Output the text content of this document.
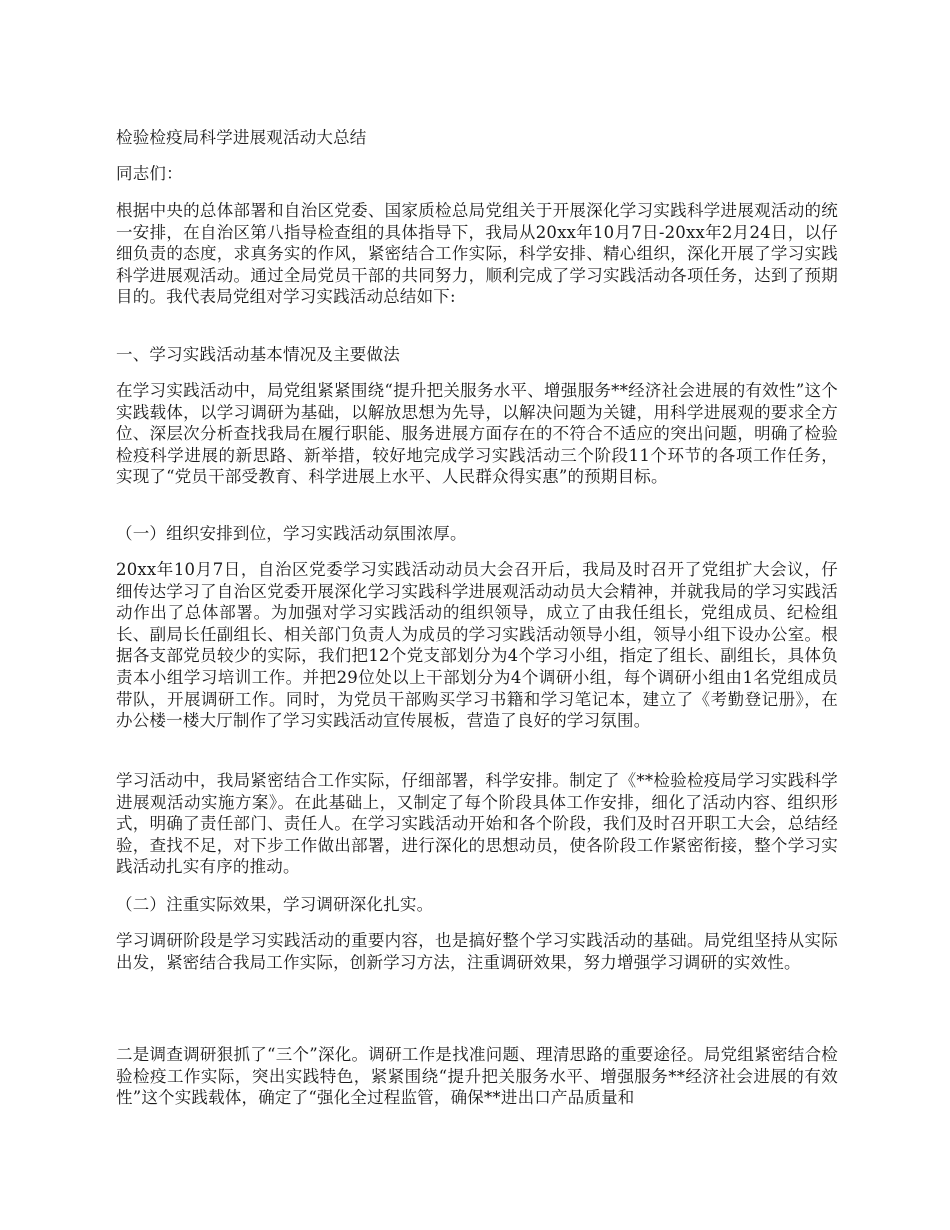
检验检疫局科学进展观活动大总结
同志们：
根据中央的总体部署和自治区党委、国家质检总局党组关于开展深化学习实践科学进展观活动的统一安排，在自治区第八指导检查组的具体指导下，我局从20xx年10月7日-20xx年2月24日，以仔细负责的态度，求真务实的作风，紧密结合工作实际，科学安排、精心组织，深化开展了学习实践科学进展观活动。通过全局党员干部的共同努力，顺利完成了学习实践活动各项任务，达到了预期目的。我代表局党组对学习实践活动总结如下:
一、学习实践活动基本情况及主要做法
在学习实践活动中，局党组紧紧围绕“提升把关服务水平、增强服务**经济社会进展的有效性”这个实践载体，以学习调研为基础，以解放思想为先导，以解决问题为关键，用科学进展观的要求全方位、深层次分析查找我局在履行职能、服务进展方面存在的不符合不适应的突出问题，明确了检验检疫科学进展的新思路、新举措，较好地完成学习实践活动三个阶段11个环节的各项工作任务，实现了“党员干部受教育、科学进展上水平、人民群众得实惠”的预期目标。
（一）组织安排到位，学习实践活动氛围浓厚。
20xx年10月7日，自治区党委学习实践活动动员大会召开后，我局及时召开了党组扩大会议，仔细传达学习了自治区党委开展深化学习实践科学进展观活动动员大会精神，并就我局的学习实践活动作出了总体部署。为加强对学习实践活动的组织领导，成立了由我任组长，党组成员、纪检组长、副局长任副组长、相关部门负责人为成员的学习实践活动领导小组，领导小组下设办公室。根据各支部党员较少的实际，我们把12个党支部划分为4个学习小组，指定了组长、副组长，具体负责本小组学习培训工作。并把29位处以上干部划分为4个调研小组，每个调研小组由1名党组成员带队，开展调研工作。同时，为党员干部购买学习书籍和学习笔记本，建立了《考勤登记册》，在办公楼一楼大厅制作了学习实践活动宣传展板，营造了良好的学习氛围。
学习活动中，我局紧密结合工作实际，仔细部署，科学安排。制定了《**检验检疫局学习实践科学进展观活动实施方案》。在此基础上，又制定了每个阶段具体工作安排，细化了活动内容、组织形式，明确了责任部门、责任人。在学习实践活动开始和各个阶段，我们及时召开职工大会，总结经验，查找不足，对下步工作做出部署，进行深化的思想动员，使各阶段工作紧密衔接，整个学习实践活动扎实有序的推动。
（二）注重实际效果，学习调研深化扎实。
学习调研阶段是学习实践活动的重要内容，也是搞好整个学习实践活动的基础。局党组坚持从实际出发，紧密结合我局工作实际，创新学习方法，注重调研效果，努力增强学习调研的实效性。
二是调查调研狠抓了“三个”深化。调研工作是找准问题、理清思路的重要途径。局党组紧密结合检验检疫工作实际，突出实践特色，紧紧围绕“提升把关服务水平、增强服务**经济社会进展的有效性”这个实践载体，确定了“强化全过程监管，确保**进出口产品质量和
